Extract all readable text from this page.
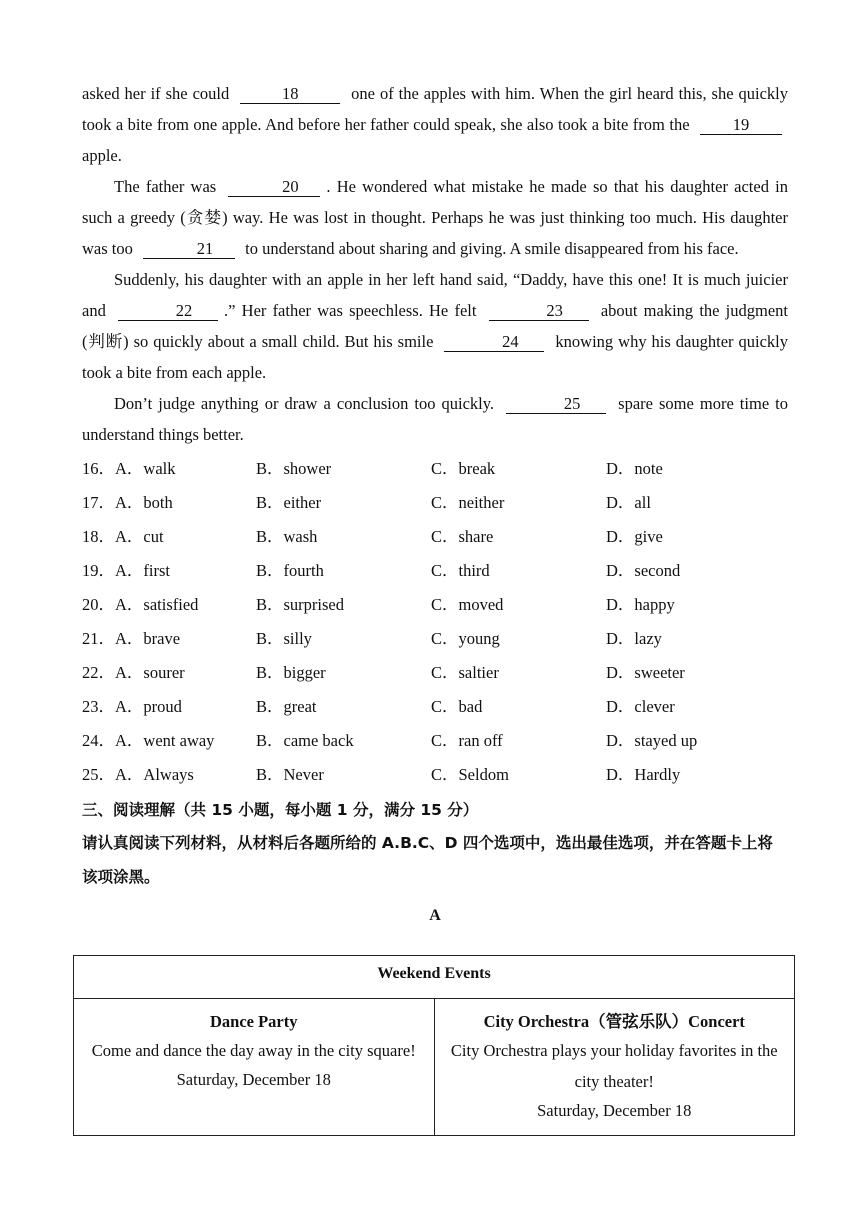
asked her if she could	18	one of the apples with him. When the girl heard this, she quickly took a bite from one apple. And before her father could speak, she also took a bite from the	19 apple.

The father was	20 . He wondered what mistake he made so that his daughter acted in such a greedy (贪婪) way. He was lost in thought. Perhaps he was just thinking too much. His daughter was too	21 to understand about sharing and giving. A smile disappeared from his face.

Suddenly, his daughter with an apple in her left hand said, “Daddy, have this one! It is much juicier and	22 .” Her father was speechless. He felt	23 about making the judgment (判断) so quickly about a small child. But his smile	24 knowing why his daughter quickly took a bite from each apple.

Don’t judge anything or draw a conclusion too quickly.	25 spare some more time to understand things better.

16．A．walk	B．shower	C．break	D．note
17．A．both	B．either	C．neither	D．all
18．A．cut	B．wash	C．share	D．give
19．A．first	B．fourth	C．third	D．second
20．A．satisfied	B．surprised	C．moved	D．happy
21．A．brave	B．silly	C．young	D．lazy
22．A．sourer	B．bigger	C．saltier	D．sweeter
23．A．proud	B．great	C．bad	D．clever
24．A．went away	B．came back	C．ran off	D．stayed up
25．A．Always	B．Never	C．Seldom	D．Hardly
三、阅读理解（共 15 小题，每小题 1 分，满分 15 分）
请认真阅读下列材料，从材料后各题所给的 A.B.C、D 四个选项中，选出最佳选项，并在答题卡上将该项涂黑。
A
Weekend Events

Dance Party
Come and dance the day away in the city square!
Saturday, December 18

City Orchestra（管弦乐队）Concert
City Orchestra plays your holiday favorites in the city theater!
Saturday, December 18
